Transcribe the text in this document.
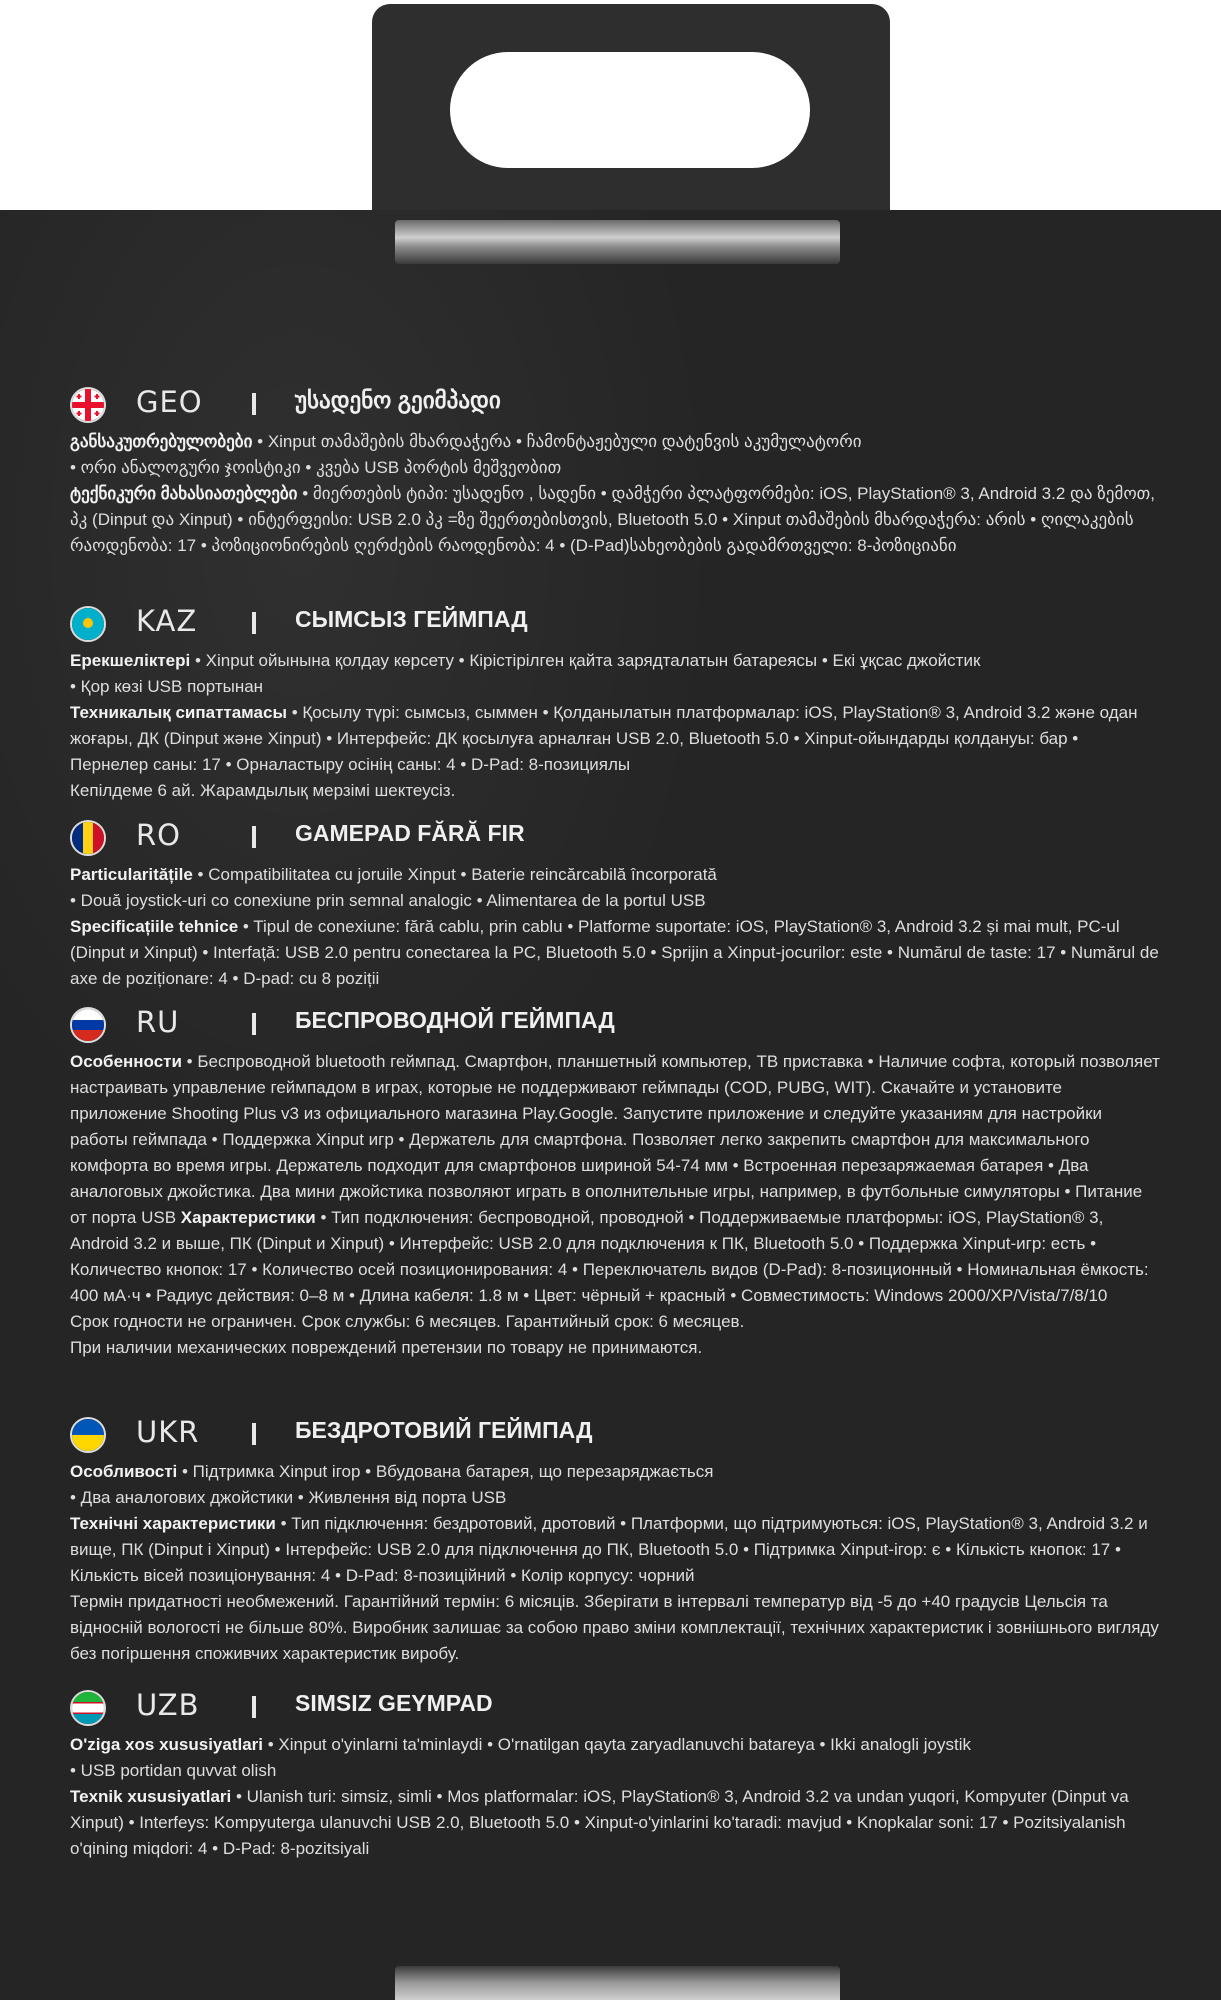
GEO	უსადენო გეიმპადი

განსაკუთრებულობები • Xinput თამაშების მხარდაჭერა • ჩამონტაჟებული დატენვის აკუმულატორი

• ორი ანალოგური ჯოისტიკი • კვება USB პორტის მეშვეობით

ტექნიკური მახასიათებლები • მიერთების ტიპი: უსადენო , სადენი • დამჭერი პლატფორმები: iOS, PlayStation® 3, Android 3.2 და ზემოთ, პკ (Dinput და Xinput) • ინტერფეისი: USB 2.0 პკ =ზე შეერთებისთვის, Bluetooth 5.0 • Xinput თამაშების მხარდაჭერა: არის • ღილაკების რაოდენობა: 17 • პოზიციონირების ღერძების რაოდენობა: 4 • (D-Pad)სახეობების გადამრთველი: 8-პოზიციანი

KAZ	СЫМСЫЗ ГЕЙМПАД

Ерекшеліктері • Xinput ойынына қолдау көрсету • Кірістірілген қайта зарядталатын батареясы • Екі ұқсас джойстик

• Қор көзі USB портынан

Техникалық сипаттамасы • Қосылу түрі: сымсыз, сыммен • Қолданылатын платформалар: iOS, PlayStation® 3, Android 3.2 және одан жоғары, ДК (Dinput және Xinput) • Интерфейс: ДК қосылуға арналған USB 2.0, Bluetooth 5.0 • Xinput-ойындарды қолдануы: бар • Пернелер саны: 17 • Орналастыру осінің саны: 4 • D-Pad: 8-позициялы

Кепілдеме 6 ай. Жарамдылық мерзімі шектеусіз.

RO	GAMEPAD FĂRĂ FIR

Particularitățile • Compatibilitatea cu joruile Xinput • Baterie reincărcabilă încorporată

• Două joystick-uri co conexiune prin semnal analogic • Alimentarea de la portul USB

Specificațiile tehnice • Tipul de conexiune: fără cablu, prin cablu • Platforme suportate: iOS, PlayStation® 3, Android 3.2 și mai mult, PC-ul (Dinput и Xinput) • Interfață: USB 2.0 pentru conectarea la PC, Bluetooth 5.0 • Sprijin a Xinput-jocurilor: este • Numărul de taste: 17 • Numărul de axe de poziționare: 4 • D-pad: cu 8 poziții

RU	БЕСПРОВОДНОЙ ГЕЙМПАД

Особенности • Беспроводной bluetooth геймпад. Смартфон, планшетный компьютер, ТВ приставка • Наличие софта, который позволяет настраивать управление геймпадом в играх, которые не поддерживают геймпады (COD, PUBG, WIT). Скачайте и установите приложение Shooting Plus v3 из официального магазина Play.Google. Запустите приложение и следуйте указаниям для настройки работы геймпада • Поддержка Xinput игр • Держатель для смартфона. Позволяет легко закрепить смартфон для максимального комфорта во время игры. Держатель подходит для смартфонов шириной 54-74 мм • Встроенная перезаряжаемая батарея • Два аналоговых джойстика. Два мини джойстика позволяют играть в ополнительные игры, например, в футбольные симуляторы • Питание от порта USB Характеристики • Тип подключения: беспроводной, проводной • Поддерживаемые платформы: iOS, PlayStation® 3, Android 3.2 и выше, ПК (Dinput и Xinput) • Интерфейс: USB 2.0 для подключения к ПК, Bluetooth 5.0 • Поддержка Xinput-игр: есть • Количество кнопок: 17 • Количество осей позиционирования: 4 • Переключатель видов (D-Pad): 8-позиционный • Номинальная ёмкость: 400 мА·ч • Радиус действия: 0–8 м • Длина кабеля: 1.8 м • Цвет: чёрный + красный • Совместимость: Windows 2000/XP/Vista/7/8/10

Срок годности не ограничен. Срок службы: 6 месяцев. Гарантийный срок: 6 месяцев.

При наличии механических повреждений претензии по товару не принимаются.

UKR	БЕЗДРОТОВИЙ ГЕЙМПАД

Особливості • Підтримка Xinput ігор • Вбудована батарея, що перезаряджається

• Два аналогових джойстики • Живлення від порта USB

Технічні характеристики • Тип підключення: бездротовий, дротовий • Платформи, що підтримуються: iOS, PlayStation® 3, Android 3.2 и вище, ПК (Dinput і Xinput) • Інтерфейс: USB 2.0 для підключення до ПК, Bluetooth 5.0 • Підтримка Xinput-ігор: є • Кількість кнопок: 17 • Кількість вісей позиціонування: 4 • D-Pad: 8-позиційний • Колір корпусу: чорний

Термін придатності необмежений. Гарантійний термін: 6 місяців. Зберігати в інтервалі температур від -5 до +40 градусів Цельсія та відносній вологості не більше 80%. Виробник залишає за собою право зміни комплектації, технічних характеристик і зовнішнього вигляду без погіршення споживчих характеристик виробу.

UZB	SIMSIZ GEYMPAD

O'ziga xos xususiyatlari • Xinput o'yinlarni ta'minlaydi • O'rnatilgan qayta zaryadlanuvchi batareya • Ikki analogli joystik

• USB portidan quvvat olish

Texnik xususiyatlari • Ulanish turi: simsiz, simli • Mos platformalar: iOS, PlayStation® 3, Android 3.2 va undan yuqori, Kompyuter (Dinput va Xinput) • Interfeys: Kompyuterga ulanuvchi USB 2.0, Bluetooth 5.0 • Xinput-o'yinlarini ko'taradi: mavjud • Knopkalar soni: 17 • Pozitsiyalanish o'qining miqdori: 4 • D-Pad: 8-pozitsiyali
